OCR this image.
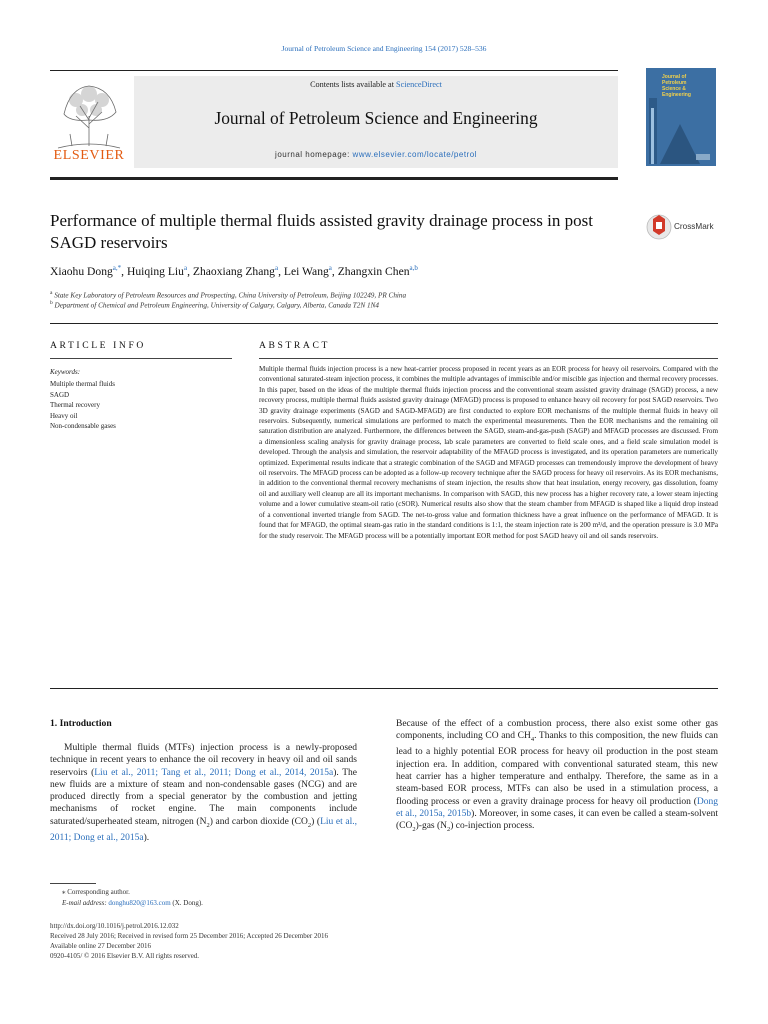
Journal of Petroleum Science and Engineering 154 (2017) 528–536
ELSEVIER
Contents lists available at ScienceDirect
Journal of Petroleum Science and Engineering
journal homepage: www.elsevier.com/locate/petrol
Journal of
Petroleum
Science &
Engineering
Performance of multiple thermal fluids assisted gravity drainage process in post SAGD reservoirs
CrossMark
Xiaohu Dong$^{a,*}$, Huiqing Liu$^a$, Zhaoxiang Zhang$^a$, Lei Wang$^a$, Zhangxin Chen$^{a,b}$
$^a$ State Key Laboratory of Petroleum Resources and Prospecting, China University of Petroleum, Beijing 102249, PR China
$^b$ Department of Chemical and Petroleum Engineering, University of Calgary, Calgary, Alberta, Canada T2N 1N4
ARTICLE INFO
Keywords:
Multiple thermal fluids
SAGD
Thermal recovery
Heavy oil
Non-condensable gases
ABSTRACT
Multiple thermal fluids injection process is a new heat-carrier process proposed in recent years as an EOR process for heavy oil reservoirs. Compared with the conventional saturated-steam injection process, it combines the multiple advantages of immiscible and/or miscible gas injection and thermal recovery processes. In this paper, based on the ideas of the multiple thermal fluids injection process and the conventional steam assisted gravity drainage (SAGD) process, a new recovery process, multiple thermal fluids assisted gravity drainage (MFAGD) process is proposed to enhance heavy oil recovery for post SAGD reservoirs. Two 3D gravity drainage experiments (SAGD and SAGD-MFAGD) are first conducted to explore EOR mechanisms of the multiple thermal fluids in heavy oil reservoirs. Subsequently, numerical simulations are performed to match the experimental measurements. Then the EOR mechanisms and the remaining oil saturation distribution are analyzed. Furthermore, the differences between the SAGD, steam-and-gas-push (SAGP) and MFAGD processes are discussed. From a dimensionless scaling analysis for gravity drainage process, lab scale parameters are converted to field scale ones, and a field scale simulation model is developed. Through the analysis and simulation, the reservoir adaptability of the MFAGD process is investigated, and its operation parameters are numerically optimized. Experimental results indicate that a strategic combination of the SAGD and MFAGD processes can tremendously improve the development of heavy oil reservoirs. The MFAGD process can be adopted as a follow-up recovery technique after the SAGD process for heavy oil reservoirs. As its EOR mechanisms, in addition to the conventional thermal recovery mechanisms of steam injection, the results show that heat insulation, energy recovery, gas dissolution, foamy oil and auxiliary well cleanup are all its important mechanisms. In comparison with SAGD, this new process has a higher recovery rate, a lower steam injecting volume and a lower cumulative steam-oil ratio (cSOR). Numerical results also show that the steam chamber from MFAGD is shaped like a liquid drop instead of a conventional inverted triangle from SAGD. The net-to-gross value and formation thickness have a great influence on the performance of MFAGD. It is found that for MFAGD, the optimal steam-gas ratio in the standard conditions is 1:1, the steam injection rate is 200 m³/d, and the operation pressure is 3.0 MPa for the study reservoir. The MFAGD process will be a potentially important EOR method for post SAGD heavy oil and oil sands reservoirs.
1. Introduction
Multiple thermal fluids (MTFs) injection process is a newly-proposed technique in recent years to enhance the oil recovery in heavy oil and oil sands reservoirs (Liu et al., 2011; Tang et al., 2011; Dong et al., 2014, 2015a). The new fluids are a mixture of steam and non-condensable gases (NCG) and are produced directly from a special generator by the combustion and jetting mechanisms of rocket engine. The main components include saturated/superheated steam, nitrogen $(N_2)$ and carbon dioxide $(CO_2)$ (Liu et al., 2011; Dong et al., 2015a).
Because of the effect of a combustion process, there also exist some other gas components, including CO and $CH_4$. Thanks to this composition, the new fluids can lead to a highly potential EOR process for heavy oil production in the post steam injection era. In addition, compared with conventional saturated steam, this new heat carrier has a higher temperature and enthalpy. Therefore, the same as in a steam-based EOR process, MTFs can also be used in a stimulation process, a flooding process or even a gravity drainage process for heavy oil production (Dong et al., 2015a, 2015b). Moreover, in some cases, it can even be called a steam-solvent $(CO_2)$-gas $(N_2)$ co-injection process.
⁎ Corresponding author.
E-mail address: donghu820@163.com (X. Dong).
http://dx.doi.org/10.1016/j.petrol.2016.12.032
Received 28 July 2016; Received in revised form 25 December 2016; Accepted 26 December 2016
Available online 27 December 2016
0920-4105/ © 2016 Elsevier B.V. All rights reserved.
